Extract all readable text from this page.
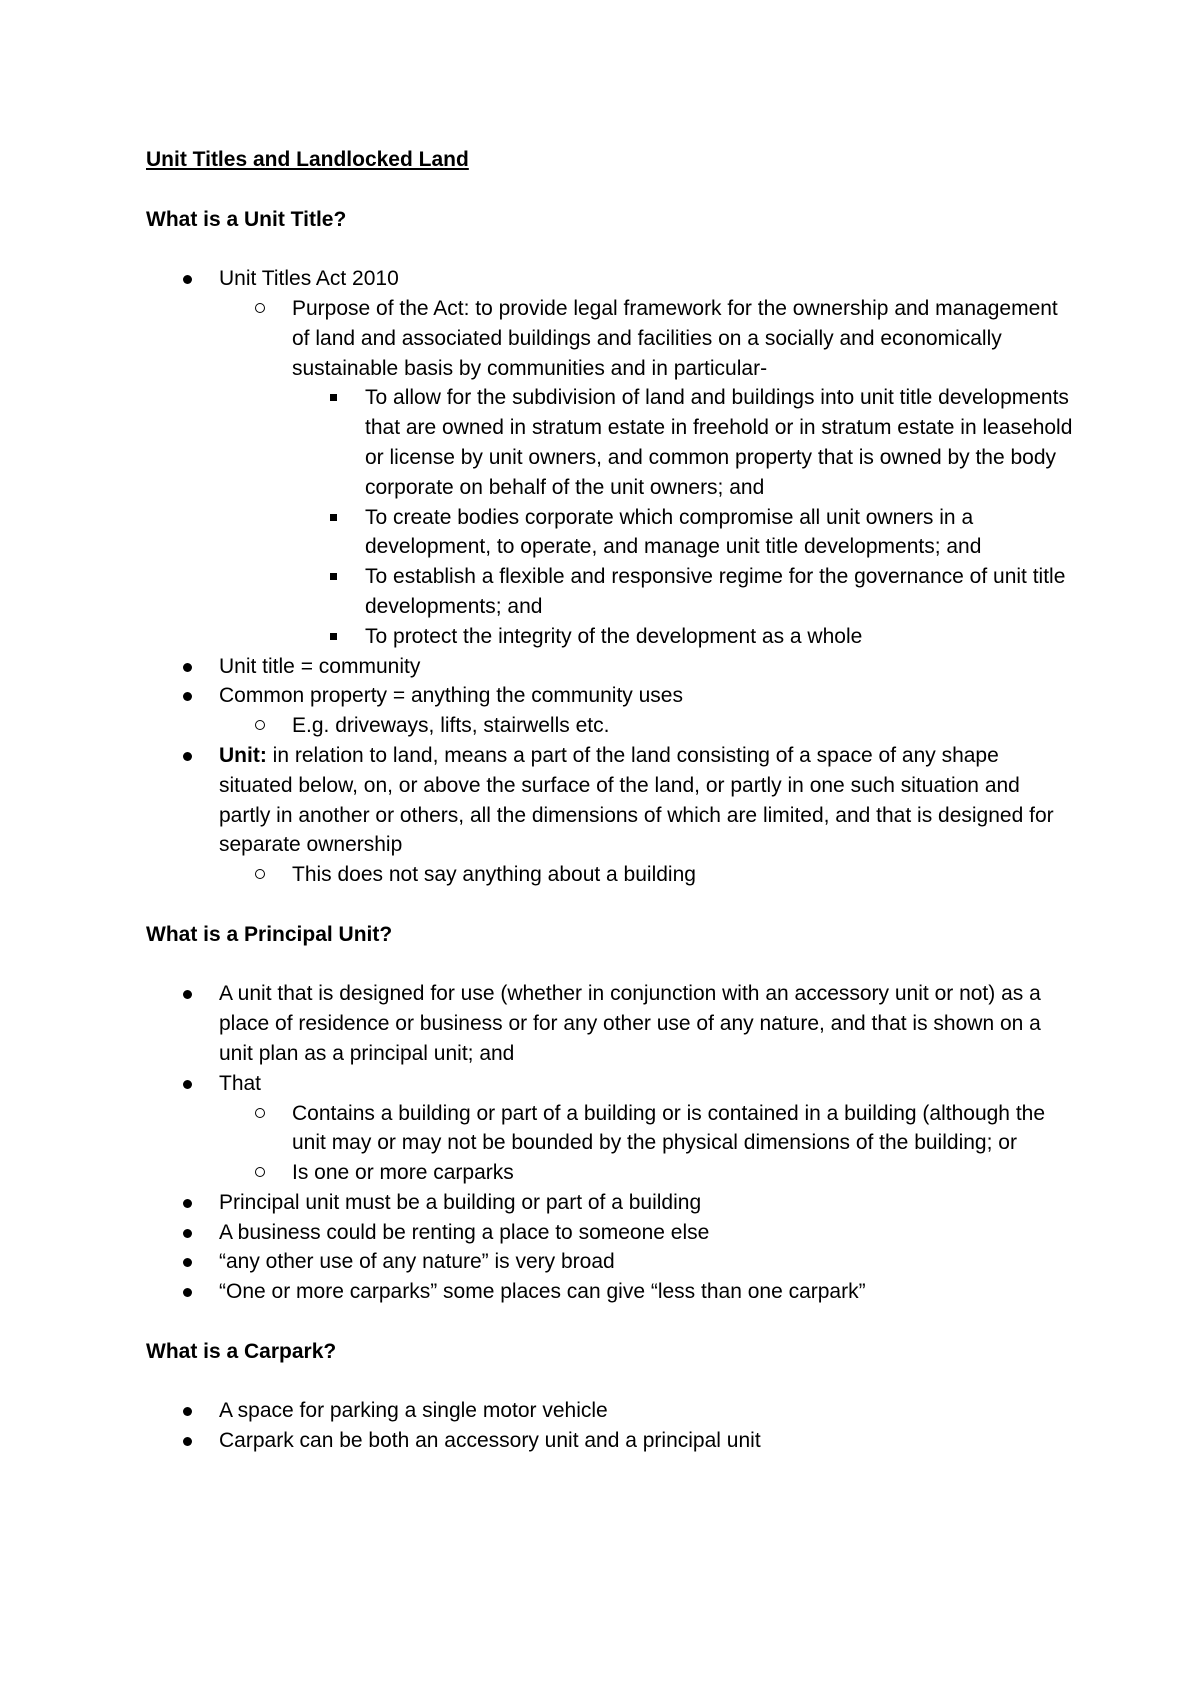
Unit Titles and Landlocked Land

What is a Unit Title?

Unit Titles Act 2010
Purpose of the Act: to provide legal framework for the ownership and management of land and associated buildings and facilities on a socially and economically sustainable basis by communities and in particular-
To allow for the subdivision of land and buildings into unit title developments that are owned in stratum estate in freehold or in stratum estate in leasehold or license by unit owners, and common property that is owned by the body corporate on behalf of the unit owners; and
To create bodies corporate which compromise all unit owners in a development, to operate, and manage unit title developments; and
To establish a flexible and responsive regime for the governance of unit title developments; and
To protect the integrity of the development as a whole
Unit title = community
Common property = anything the community uses
E.g. driveways, lifts, stairwells etc.
Unit: in relation to land, means a part of the land consisting of a space of any shape situated below, on, or above the surface of the land, or partly in one such situation and partly in another or others, all the dimensions of which are limited, and that is designed for separate ownership
This does not say anything about a building

What is a Principal Unit?

A unit that is designed for use (whether in conjunction with an accessory unit or not) as a place of residence or business or for any other use of any nature, and that is shown on a unit plan as a principal unit; and
That
Contains a building or part of a building or is contained in a building (although the unit may or may not be bounded by the physical dimensions of the building; or
Is one or more carparks
Principal unit must be a building or part of a building
A business could be renting a place to someone else
“any other use of any nature” is very broad
“One or more carparks” some places can give “less than one carpark”

What is a Carpark?

A space for parking a single motor vehicle
Carpark can be both an accessory unit and a principal unit
